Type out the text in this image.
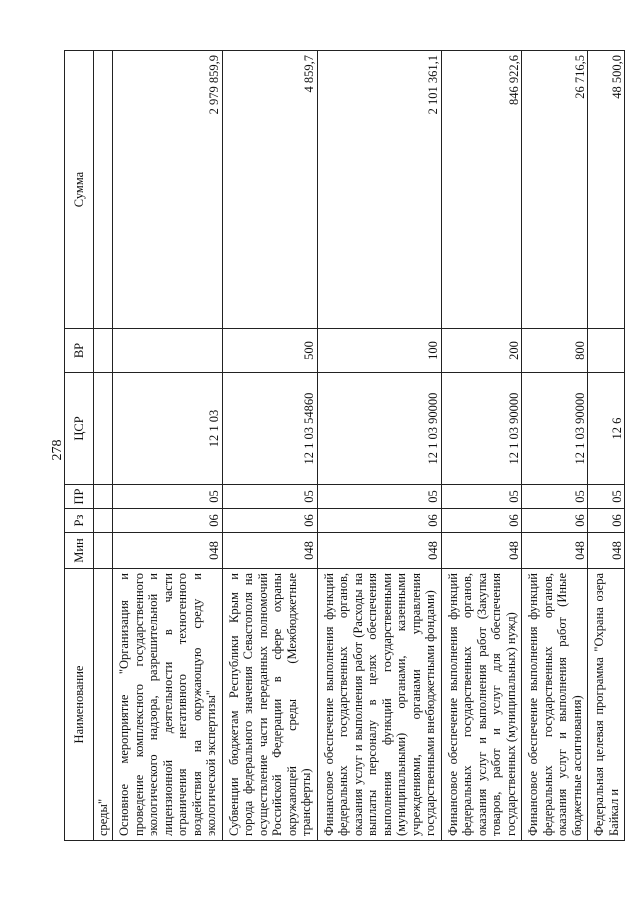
278
Наименование	Мин	Рз	ПР	ЦСР	ВР	Сумма
среды"						
Основное мероприятие "Организация и проведение комплексного государственного экологического надзора, разрешительной и лицензионной деятельности в части ограничения негативного техногенного воздействия на окружающую среду и экологической экспертизы"	048	06	05	12 1 03		2 979 859,9
Субвенции бюджетам Республики Крым и города федерального значения Севастополя на осуществление части переданных полномочий Российской Федерации в сфере охраны окружающей среды (Межбюджетные трансферты)	048	06	05	12 1 03 54860	500	4 859,7
Финансовое обеспечение выполнения функций федеральных государственных органов, оказания услуг и выполнения работ (Расходы на выплаты персоналу в целях обеспечения выполнения функций государственными (муниципальными) органами, казенными учреждениями, органами управления государственными внебюджетными фондами)	048	06	05	12 1 03 90000	100	2 101 361,1
Финансовое обеспечение выполнения функций федеральных государственных органов, оказания услуг и выполнения работ (Закупка товаров, работ и услуг для обеспечения государственных (муниципальных) нужд)	048	06	05	12 1 03 90000	200	846 922,6
Финансовое обеспечение выполнения функций федеральных государственных органов, оказания услуг и выполнения работ (Иные бюджетные ассигнования)	048	06	05	12 1 03 90000	800	26 716,5
Федеральная целевая программа "Охрана озера Байкал и	048	06	05	12 6		48 500,0
